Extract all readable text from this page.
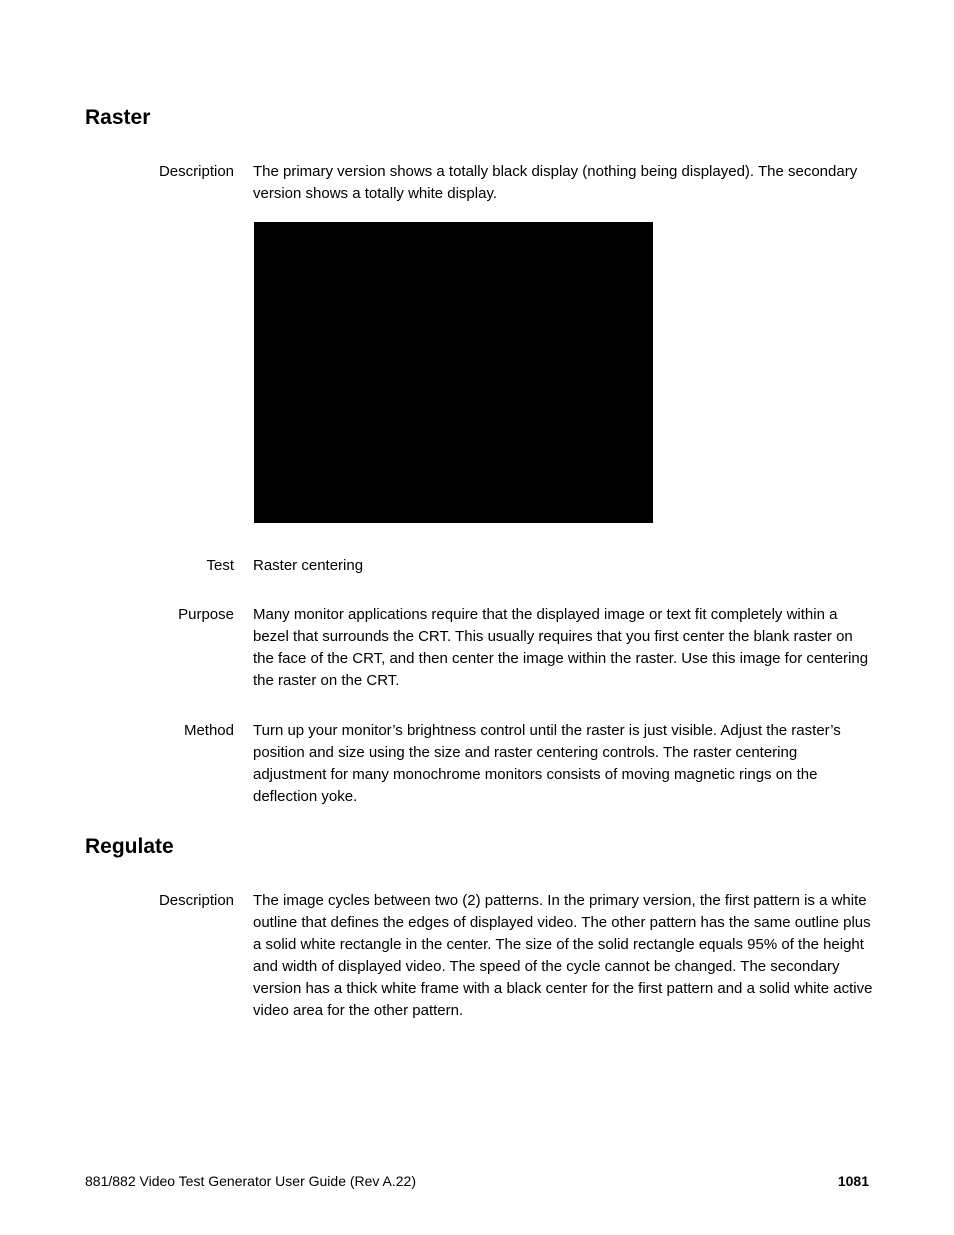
Raster
Description The primary version shows a totally black display (nothing being displayed). The secondary version shows a totally white display.
Test Raster centering
Purpose Many monitor applications require that the displayed image or text fit completely within a bezel that surrounds the CRT. This usually requires that you first center the blank raster on the face of the CRT, and then center the image within the raster. Use this image for centering the raster on the CRT.
Method Turn up your monitor’s brightness control until the raster is just visible. Adjust the raster’s position and size using the size and raster centering controls. The raster centering adjustment for many monochrome monitors consists of moving magnetic rings on the deflection yoke.
Regulate
Description The image cycles between two (2) patterns. In the primary version, the first pattern is a white outline that defines the edges of displayed video. The other pattern has the same outline plus a solid white rectangle in the center. The size of the solid rectangle equals 95% of the height and width of displayed video. The speed of the cycle cannot be changed. The secondary version has a thick white frame with a black center for the first pattern and a solid white active video area for the other pattern.
881/882 Video Test Generator User Guide (Rev A.22)	1081
